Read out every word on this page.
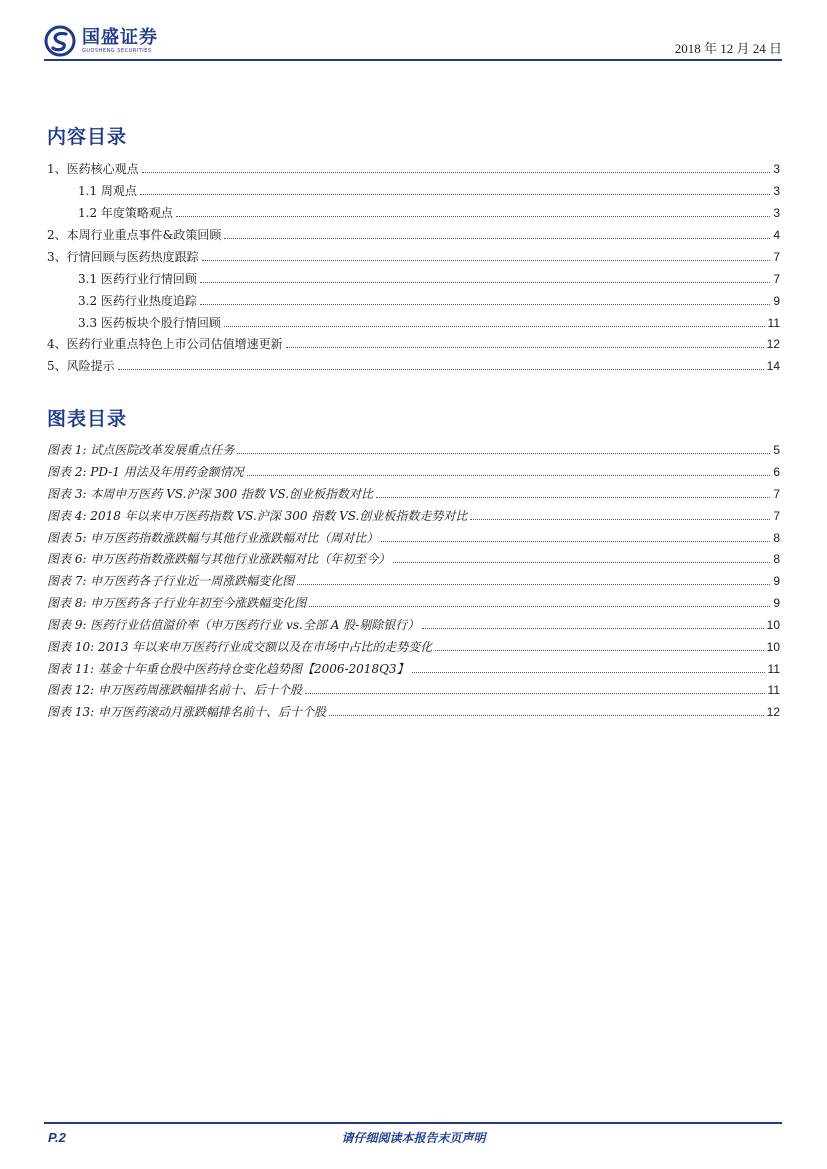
国盛证券
GUOSHENG SECURITIES	2018 年 12 月 24 日
内容目录
1、医药核心观点	3
1.1 周观点	3
1.2 年度策略观点	3
2、本周行业重点事件&政策回顾	4
3、行情回顾与医药热度跟踪	7
3.1 医药行业行情回顾	7
3.2 医药行业热度追踪	9
3.3 医药板块个股行情回顾	11
4、医药行业重点特色上市公司估值增速更新	12
5、风险提示	14
图表目录
图表 1: 试点医院改革发展重点任务	5
图表 2: PD-1 用法及年用药金额情况	6
图表 3: 本周申万医药 VS.沪深 300 指数 VS.创业板指数对比	7
图表 4: 2018 年以来申万医药指数 VS.沪深 300 指数 VS.创业板指数走势对比	7
图表 5: 申万医药指数涨跌幅与其他行业涨跌幅对比（周对比）	8
图表 6: 申万医药指数涨跌幅与其他行业涨跌幅对比（年初至今）	8
图表 7: 申万医药各子行业近一周涨跌幅变化图	9
图表 8: 申万医药各子行业年初至今涨跌幅变化图	9
图表 9: 医药行业估值溢价率（申万医药行业 vs.全部 A 股-剔除银行）	10
图表 10: 2013 年以来申万医药行业成交额以及在市场中占比的走势变化	10
图表 11: 基金十年重仓股中医药持仓变化趋势图【2006-2018Q3】	11
图表 12: 申万医药周涨跌幅排名前十、后十个股	11
图表 13: 申万医药滚动月涨跌幅排名前十、后十个股	12
P.2	请仔细阅读本报告末页声明
